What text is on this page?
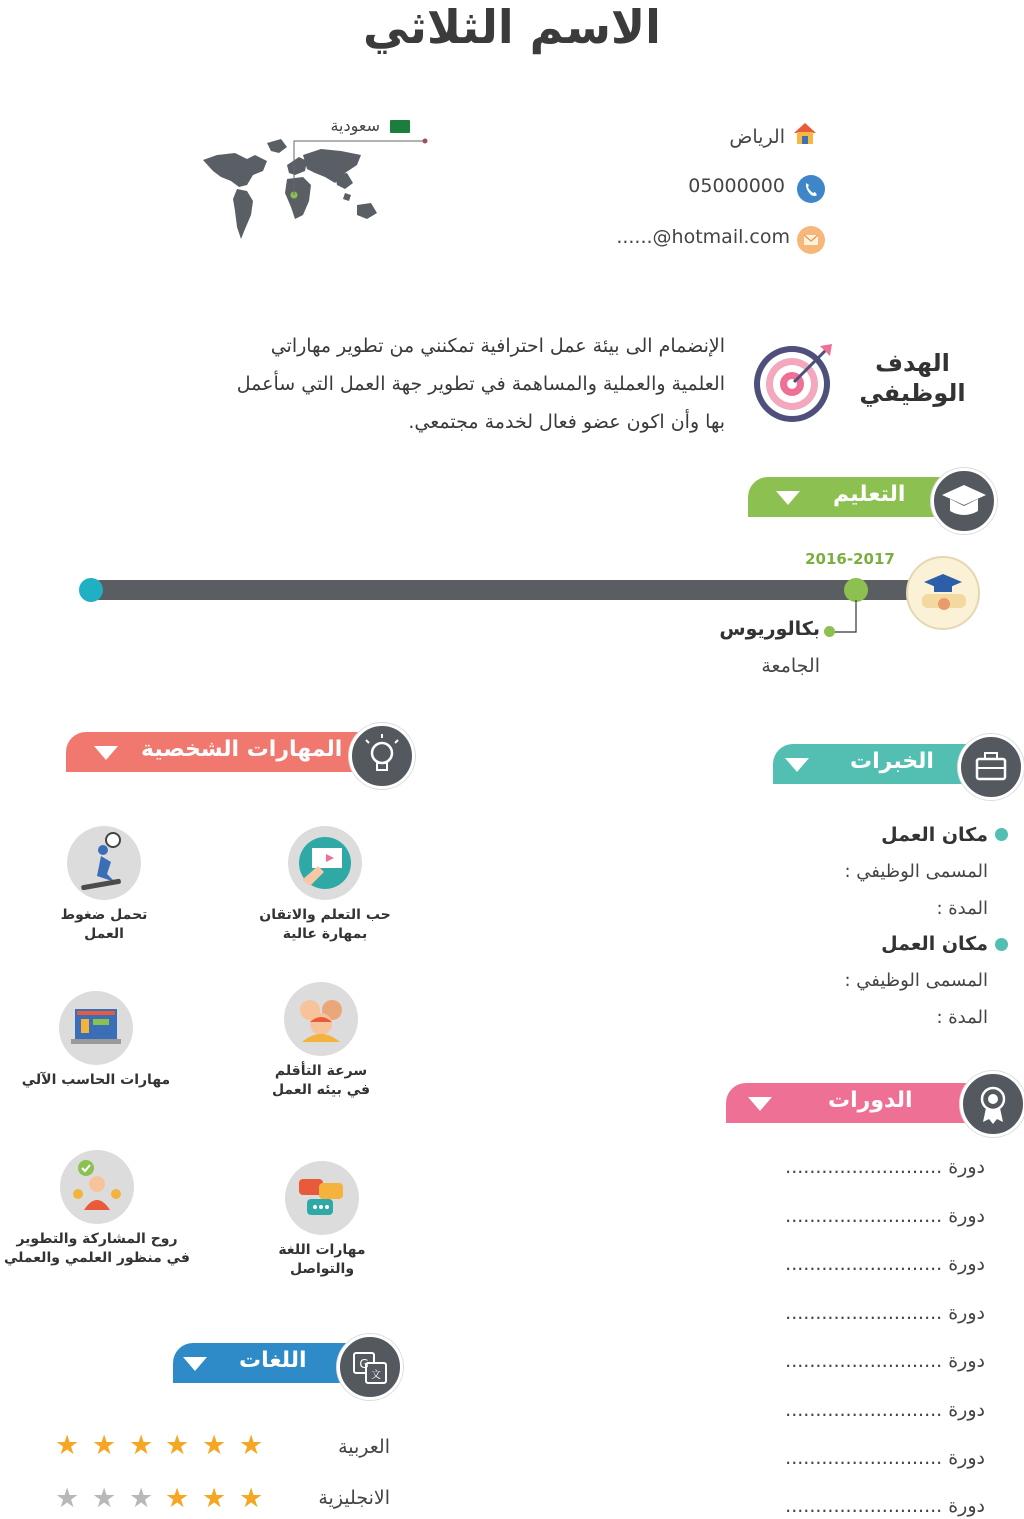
الاسم الثلاثي
سعودية
الرياض
05000000
......@hotmail.com
الإنضمام الى بيئة عمل احترافية تمكنني من تطوير مهاراتي العلمية والعملية والمساهمة في تطوير جهة العمل التي سأعمل بها وأن اكون عضو فعال لخدمة مجتمعي.
الهدف
الوظيفي
التعليم
2016-2017
بكالوريوس
الجامعة
المهارات الشخصية
حب التعلم والاتقان
بمهارة عالية
تحمل ضغوط
العمل
سرعة التأقلم
في بيئه العمل
مهارات الحاسب الآلي
مهارات اللغة
والتواصل
روح المشاركة والتطوير
في منظور العلمي والعملي
الخبرات
مكان العمل
المسمى الوظيفي :
المدة :
مكان العمل
المسمى الوظيفي :
المدة :
الدورات
دورة ..........................
دورة ..........................
دورة ..........................
دورة ..........................
دورة ..........................
دورة ..........................
دورة ..........................
دورة ..........................
اللغات	G
文
العربية
الانجليزية
★ ★ ★ ★ ★ ★
★ ★ ★ ★ ★ ★
